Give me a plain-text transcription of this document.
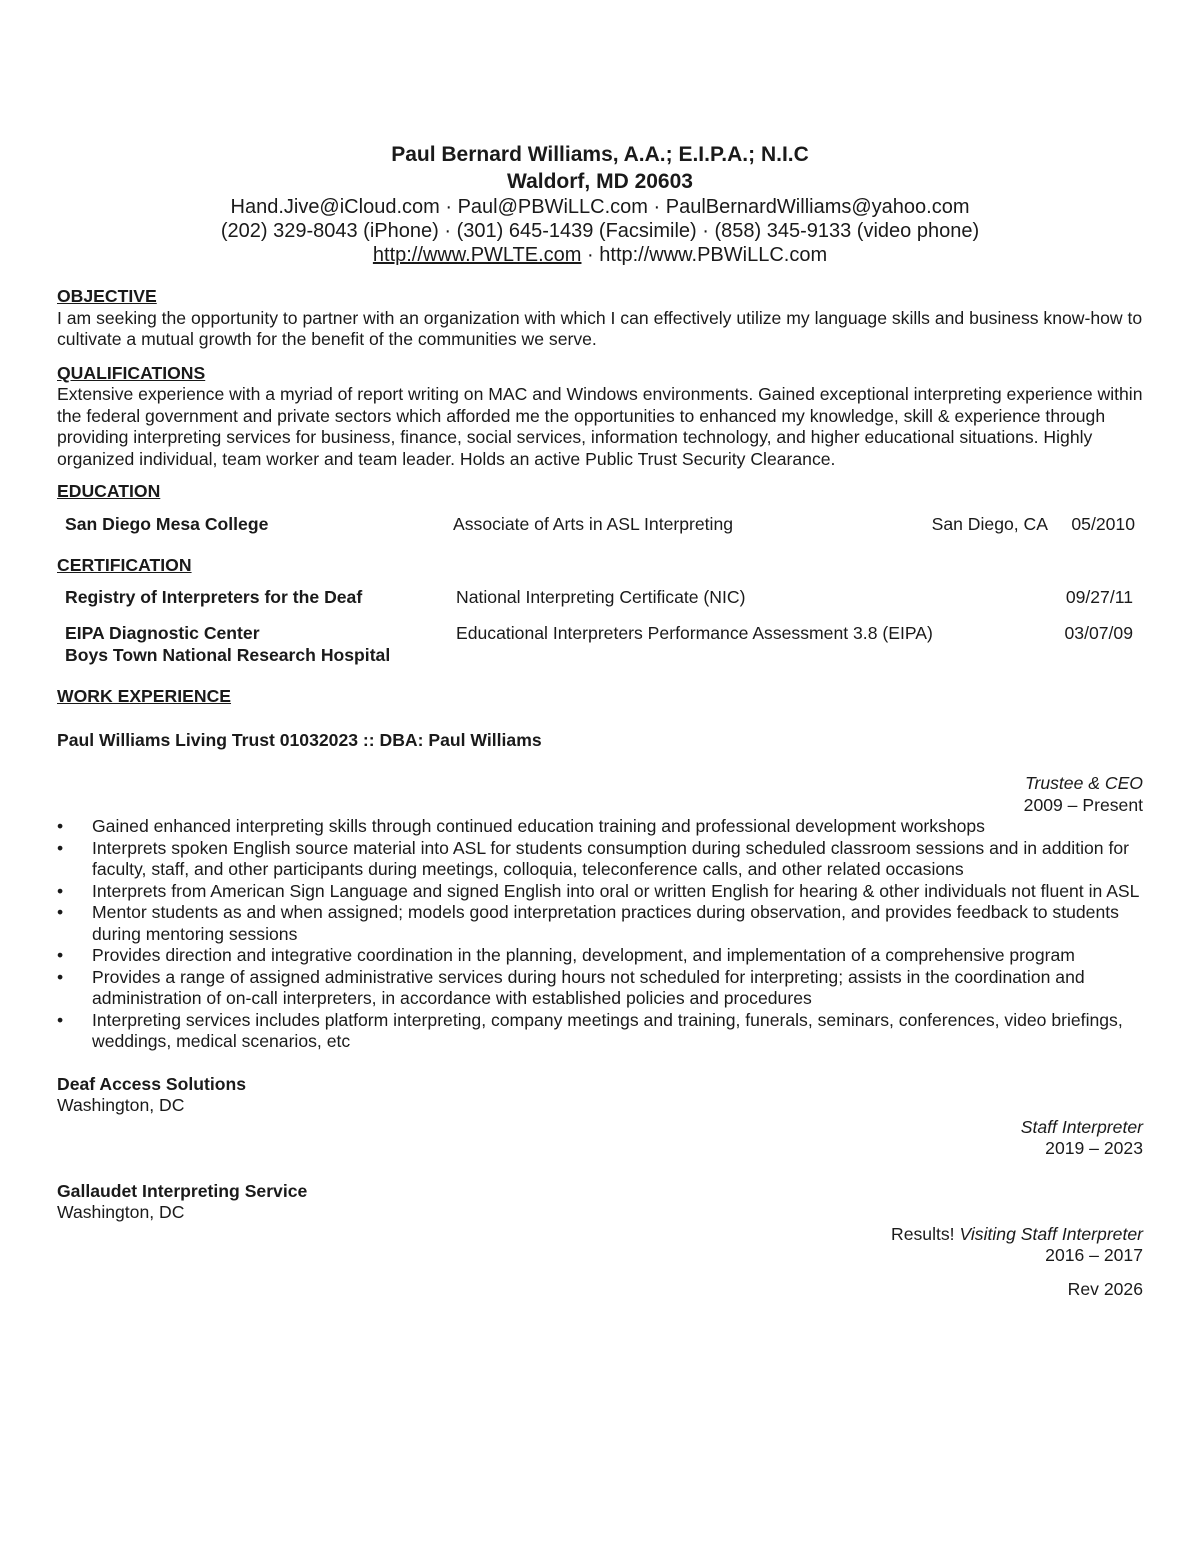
Paul Bernard Williams, A.A.; E.I.P.A.; N.I.C
Waldorf, MD 20603
Hand.Jive@iCloud.com · Paul@PBWiLLC.com · PaulBernardWilliams@yahoo.com
(202) 329-8043 (iPhone) · (301) 645-1439 (Facsimile) · (858) 345-9133 (video phone)
http://www.PWLTE.com · http://www.PBWiLLC.com
OBJECTIVE

I am seeking the opportunity to partner with an organization with which I can effectively utilize my language skills and business know-how to cultivate a mutual growth for the benefit of the communities we serve.

QUALIFICATIONS

Extensive experience with a myriad of report writing on MAC and Windows environments. Gained exceptional interpreting experience within the federal government and private sectors which afforded me the opportunities to enhanced my knowledge, skill & experience through providing interpreting services for business, finance, social services, information technology, and higher educational situations. Highly organized individual, team worker and team leader. Holds an active Public Trust Security Clearance.

EDUCATION
San Diego Mesa College	Associate of Arts in ASL Interpreting	San Diego, CA 05/2010
CERTIFICATION
Registry of Interpreters for the Deaf	National Interpreting Certificate (NIC)	09/27/11
EIPA Diagnostic Center	Educational Interpreters Performance Assessment 3.8 (EIPA)	03/07/09
Boys Town National Research Hospital
WORK EXPERIENCE
Paul Williams Living Trust 01032023 :: DBA: Paul Williams
Trustee & CEO
2009 – Present
• Gained enhanced interpreting skills through continued education training and professional development workshops
• Interprets spoken English source material into ASL for students consumption during scheduled classroom sessions and in addition for faculty, staff, and other participants during meetings, colloquia, teleconference calls, and other related occasions
• Interprets from American Sign Language and signed English into oral or written English for hearing & other individuals not fluent in ASL
• Mentor students as and when assigned; models good interpretation practices during observation, and provides feedback to students during mentoring sessions
• Provides direction and integrative coordination in the planning, development, and implementation of a comprehensive program
• Provides a range of assigned administrative services during hours not scheduled for interpreting; assists in the coordination and administration of on-call interpreters, in accordance with established policies and procedures
• Interpreting services includes platform interpreting, company meetings and training, funerals, seminars, conferences, video briefings, weddings, medical scenarios, etc
Deaf Access Solutions
Washington, DC
Staff Interpreter
2019 – 2023
Gallaudet Interpreting Service
Washington, DC
Results! Visiting Staff Interpreter
2016 – 2017
Rev 2026
